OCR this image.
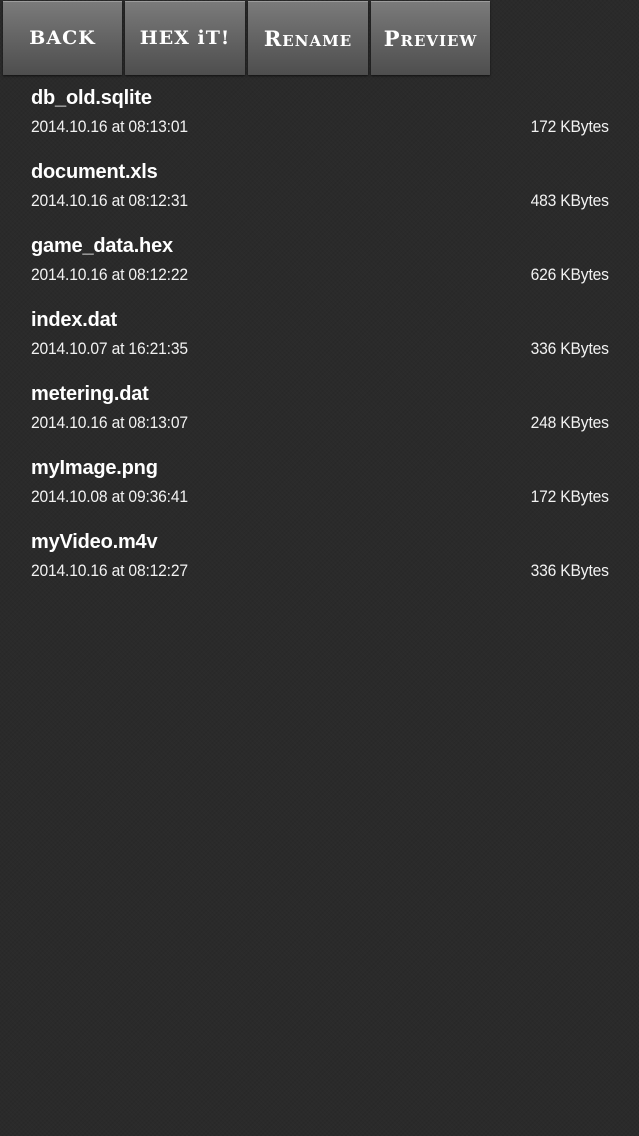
BACK	HEX iT!	Rename	Preview
db_old.sqlite
2014.10.16 at 08:13:01	172 KBytes
document.xls
2014.10.16 at 08:12:31	483 KBytes
game_data.hex
2014.10.16 at 08:12:22	626 KBytes
index.dat
2014.10.07 at 16:21:35	336 KBytes
metering.dat
2014.10.16 at 08:13:07	248 KBytes
myImage.png
2014.10.08 at 09:36:41	172 KBytes
myVideo.m4v
2014.10.16 at 08:12:27	336 KBytes
